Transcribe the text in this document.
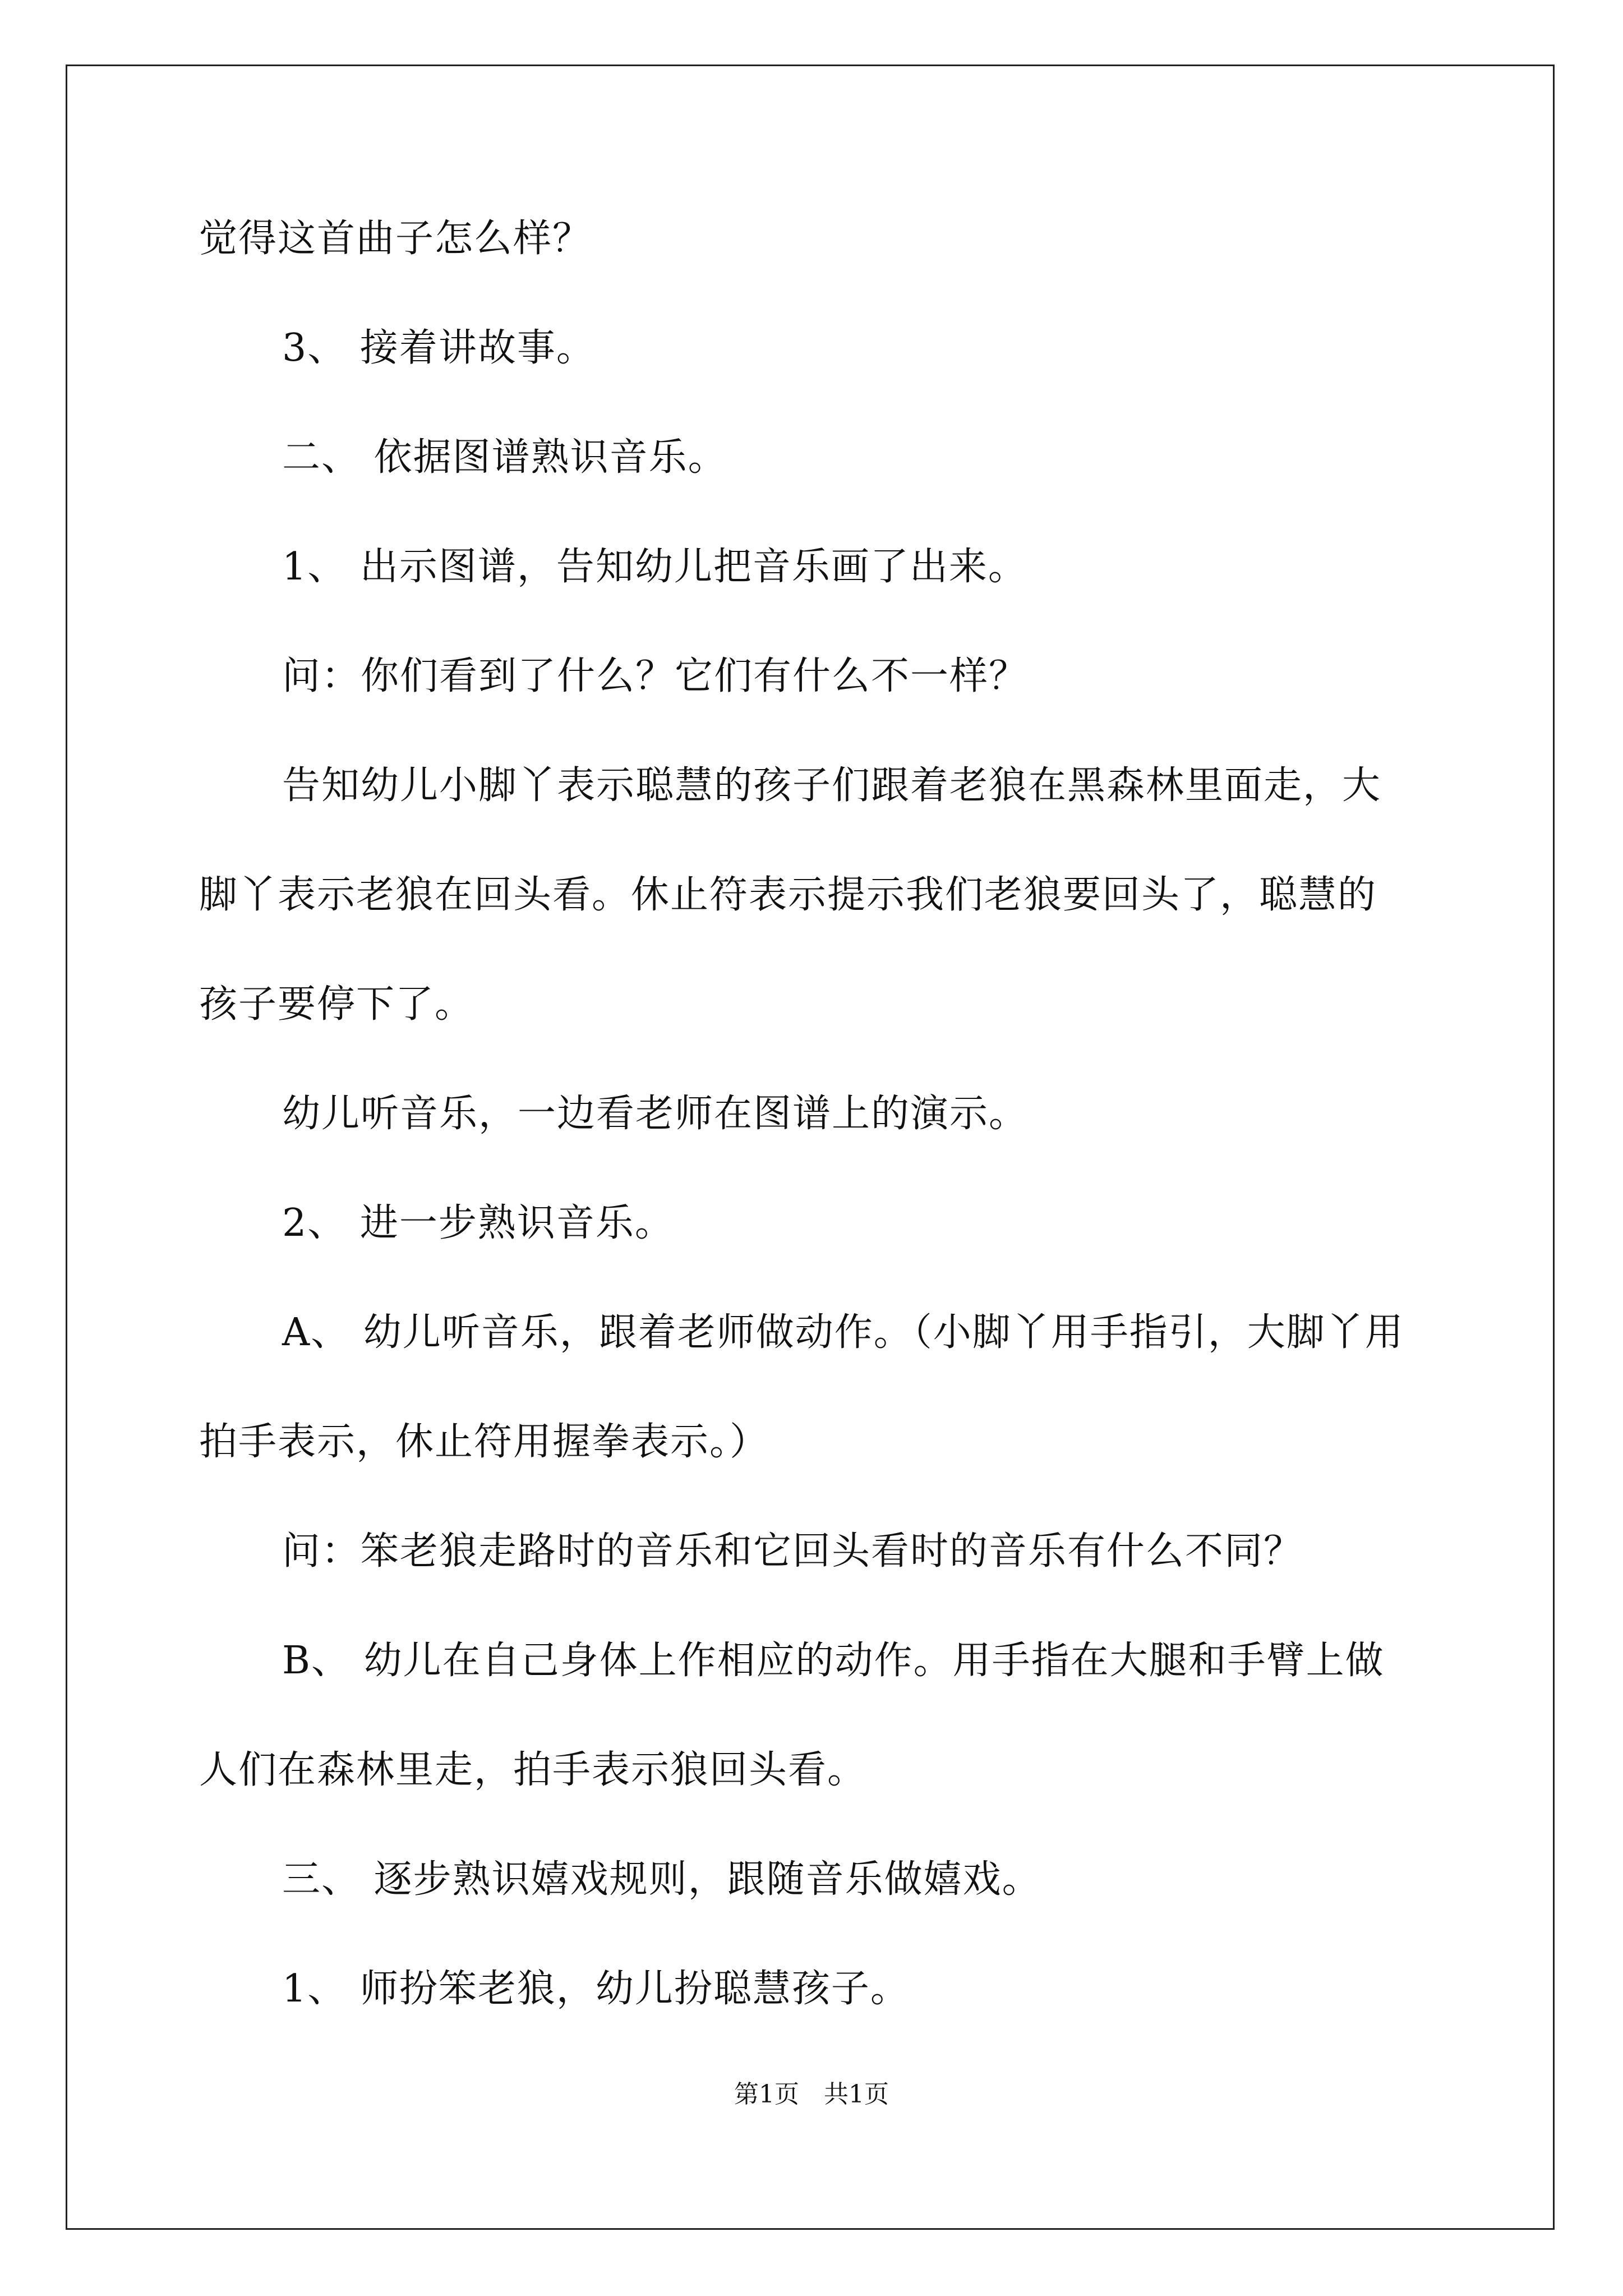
觉得这首曲子怎么样？
3、 接着讲故事。
二、 依据图谱熟识音乐。
1、 出示图谱，告知幼儿把音乐画了出来。
问：你们看到了什么？它们有什么不一样？
告知幼儿小脚丫表示聪慧的孩子们跟着老狼在黑森林里面走，大
脚丫表示老狼在回头看。休止符表示提示我们老狼要回头了，聪慧的
孩子要停下了。
幼儿听音乐，一边看老师在图谱上的演示。
2、 进一步熟识音乐。
A、 幼儿听音乐，跟着老师做动作。（小脚丫用手指引，大脚丫用
拍手表示，休止符用握拳表示。）
问：笨老狼走路时的音乐和它回头看时的音乐有什么不同？
B、 幼儿在自己身体上作相应的动作。用手指在大腿和手臂上做
人们在森林里走，拍手表示狼回头看。
三、 逐步熟识嬉戏规则，跟随音乐做嬉戏。
1、 师扮笨老狼，幼儿扮聪慧孩子。
第1页　共1页
